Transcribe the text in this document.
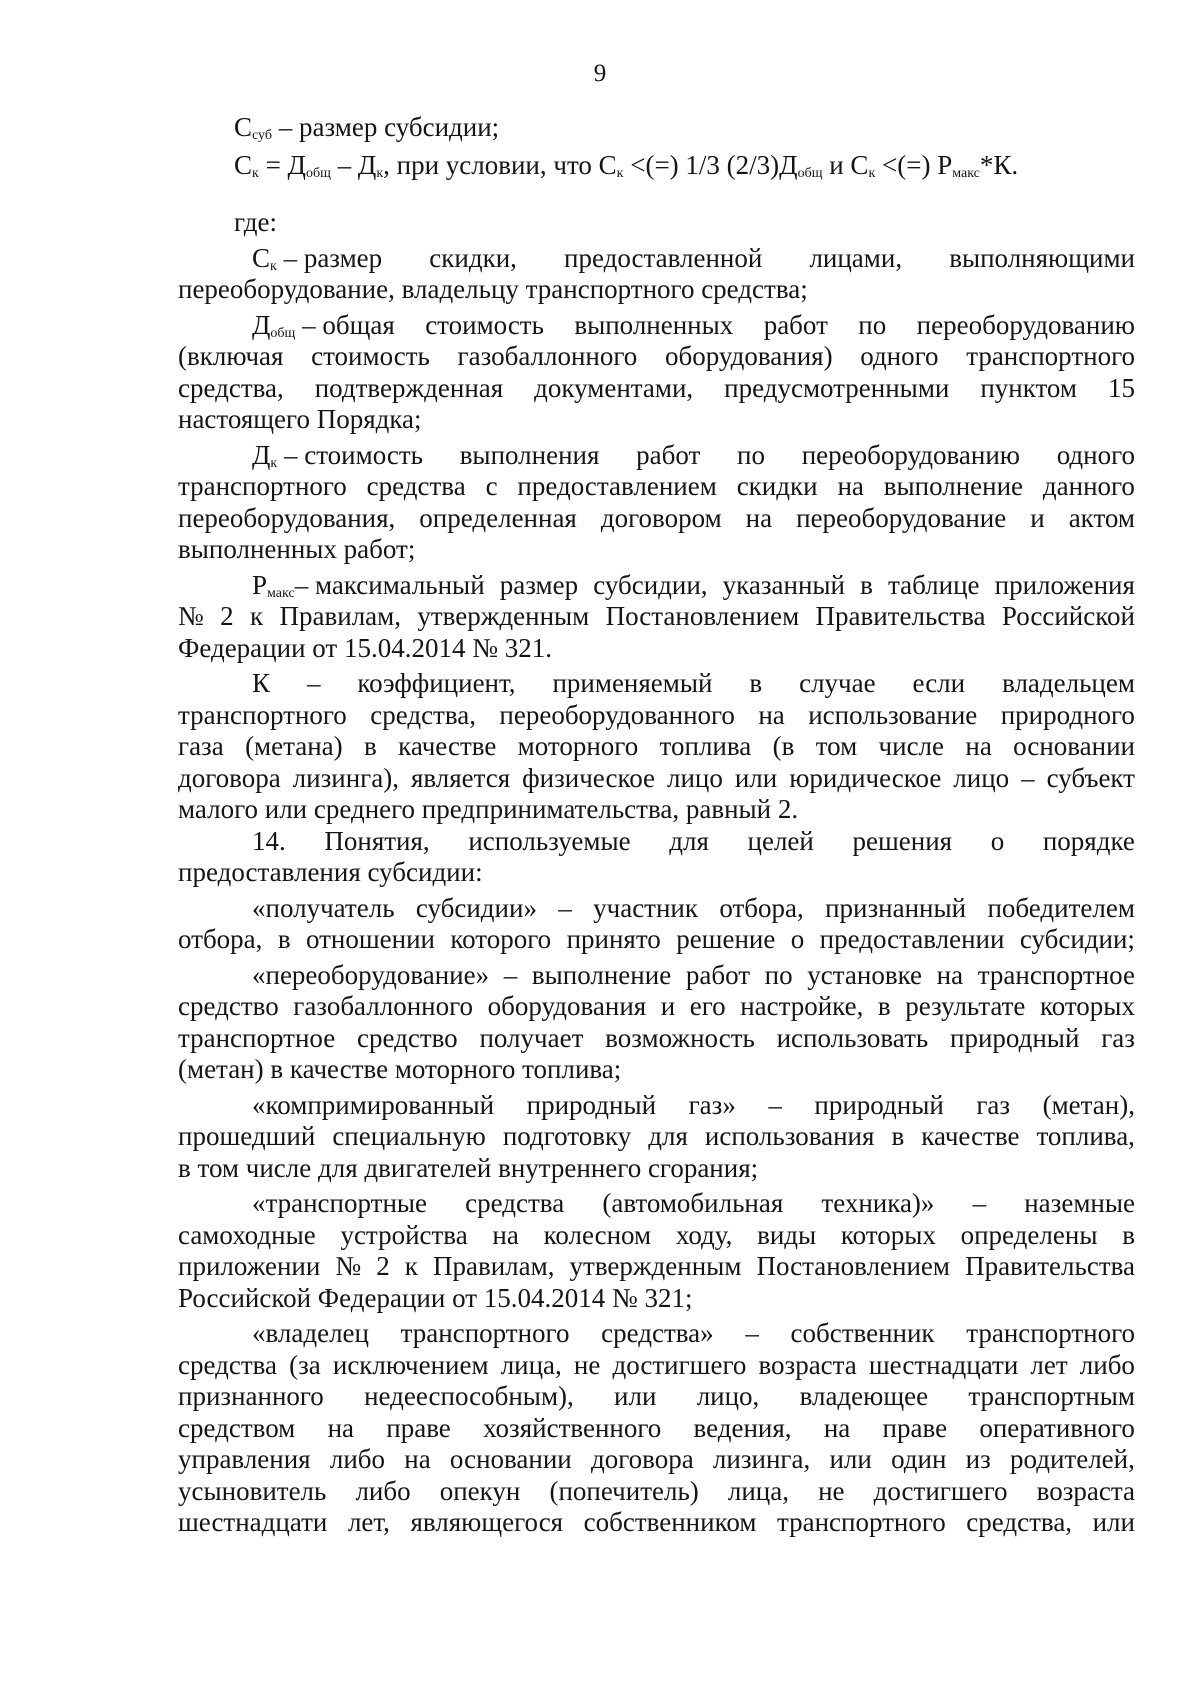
9
$С_{суб}$ – размер субсидии;
$С_к = Д_{общ} - Д_к$, при условии, что $С_к$ <(=) 1/3 $(2/3)Д_{общ}$ и $С_к$ <(=) $Р_{макс}*К$.
где:
$С_к$ – размер скидки, предоставленной лицами, выполняющими
переоборудование, владельцу транспортного средства;
$Д_{общ}$ – общая стоимость выполненных работ по переоборудованию
(включая стоимость газобаллонного оборудования) одного транспортного
средства, подтвержденная документами, предусмотренными пунктом 15
настоящего Порядка;
$Д_к$ – стоимость выполнения работ по переоборудованию одного
транспортного средства с предоставлением скидки на выполнение данного
переоборудования, определенная договором на переоборудование и актом
выполненных работ;
$Р_{макс}-$ максимальный размер субсидии, указанный в таблице приложения
№ 2 к Правилам, утвержденным Постановлением Правительства Российской
Федерации от 15.04.2014 № 321.
К – коэффициент, применяемый в случае если владельцем
транспортного средства, переоборудованного на использование природного
газа (метана) в качестве моторного топлива (в том числе на основании
договора лизинга), является физическое лицо или юридическое лицо – субъект
малого или среднего предпринимательства, равный 2.
14. Понятия, используемые для целей решения о порядке
предоставления субсидии:
«получатель субсидии» – участник отбора, признанный победителем
отбора, в отношении которого принято решение о предоставлении субсидии;
«переоборудование» – выполнение работ по установке на транспортное
средство газобаллонного оборудования и его настройке, в результате которых
транспортное средство получает возможность использовать природный газ
(метан) в качестве моторного топлива;
«компримированный природный газ» – природный газ (метан),
прошедший специальную подготовку для использования в качестве топлива,
в том числе для двигателей внутреннего сгорания;
«транспортные средства (автомобильная техника)» – наземные
самоходные устройства на колесном ходу, виды которых определены в
приложении № 2 к Правилам, утвержденным Постановлением Правительства
Российской Федерации от 15.04.2014 № 321;
«владелец транспортного средства» – собственник транспортного
средства (за исключением лица, не достигшего возраста шестнадцати лет либо
признанного недееспособным), или лицо, владеющее транспортным
средством на праве хозяйственного ведения, на праве оперативного
управления либо на основании договора лизинга, или один из родителей,
усыновитель либо опекун (попечитель) лица, не достигшего возраста
шестнадцати лет, являющегося собственником транспортного средства, или
